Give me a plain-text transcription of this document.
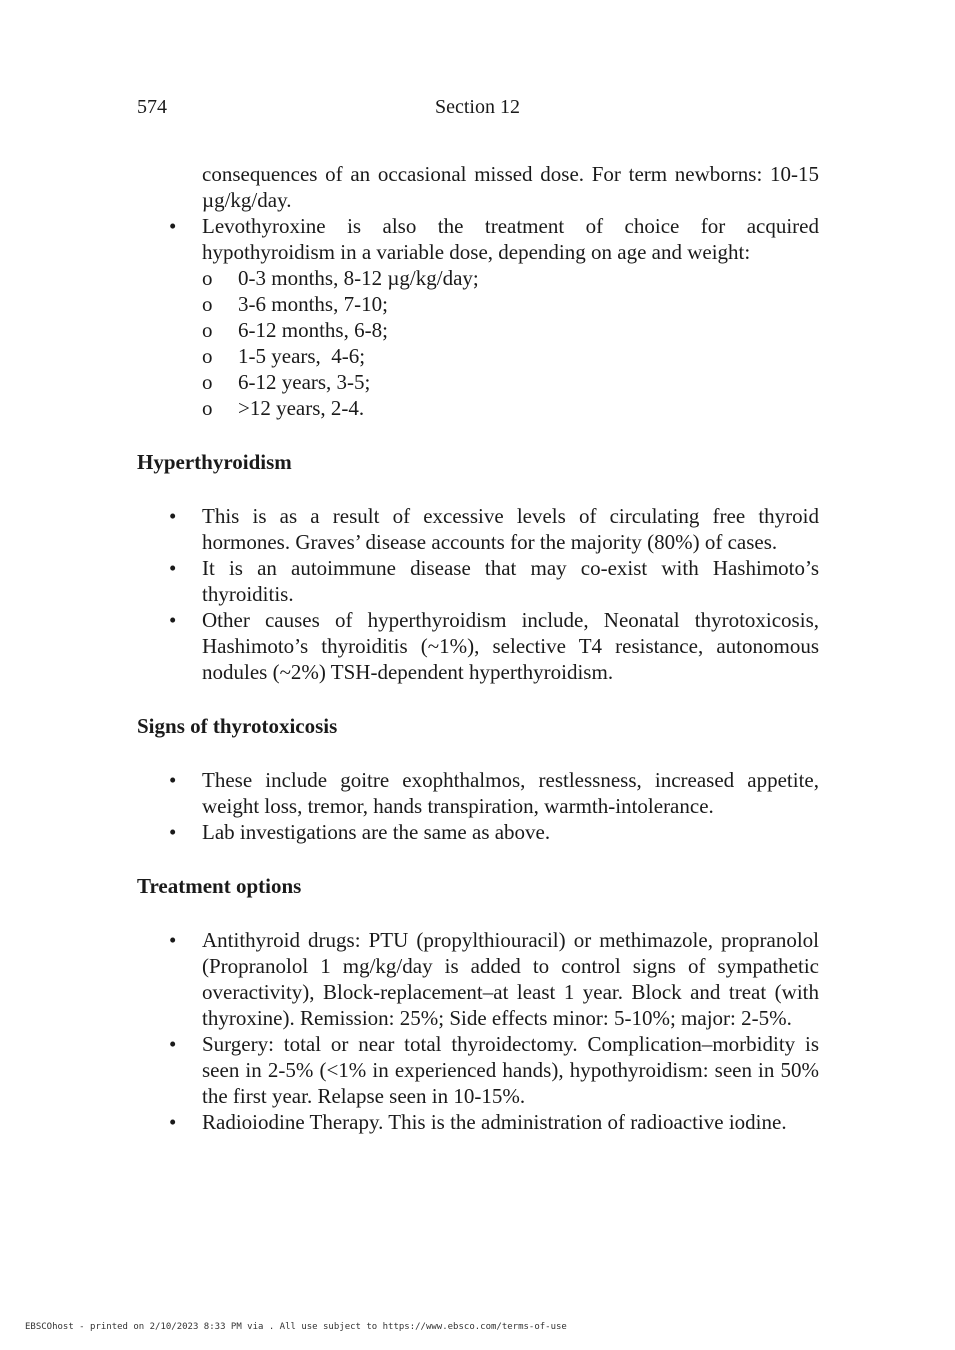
574	Section 12

consequences of an occasional missed dose. For term newborns: 10-15 µg/kg/day.

• Levothyroxine is also the treatment of choice for acquired hypothyroidism in a variable dose, depending on age and weight:
o 0-3 months, 8-12 µg/kg/day;
o 3-6 months, 7-10;
o 6-12 months, 6-8;
o 1-5 years,  4-6;
o 6-12 years, 3-5;
o >12 years, 2-4.
Hyperthyroidism
• This is as a result of excessive levels of circulating free thyroid hormones. Graves’ disease accounts for the majority (80%) of cases.
• It is an autoimmune disease that may co-exist with Hashimoto’s thyroiditis.
• Other causes of hyperthyroidism include, Neonatal thyrotoxicosis, Hashimoto’s thyroiditis (~1%), selective T4 resistance, autonomous nodules (~2%) TSH-dependent hyperthyroidism.
Signs of thyrotoxicosis
• These include goitre exophthalmos, restlessness, increased appetite, weight loss, tremor, hands transpiration, warmth-intolerance.
• Lab investigations are the same as above.
Treatment options
• Antithyroid drugs: PTU (propylthiouracil) or methimazole, propranolol (Propranolol 1 mg/kg/day is added to control signs of sympathetic overactivity), Block-replacement–at least 1 year. Block and treat (with thyroxine). Remission: 25%; Side effects minor: 5-10%; major: 2-5%.
• Surgery: total or near total thyroidectomy. Complication–morbidity is seen in 2-5% (<1% in experienced hands), hypothyroidism: seen in 50% the first year. Relapse seen in 10-15%.
• Radioiodine Therapy. This is the administration of radioactive iodine.
EBSCOhost - printed on 2/10/2023 8:33 PM via . All use subject to https://www.ebsco.com/terms-of-use
